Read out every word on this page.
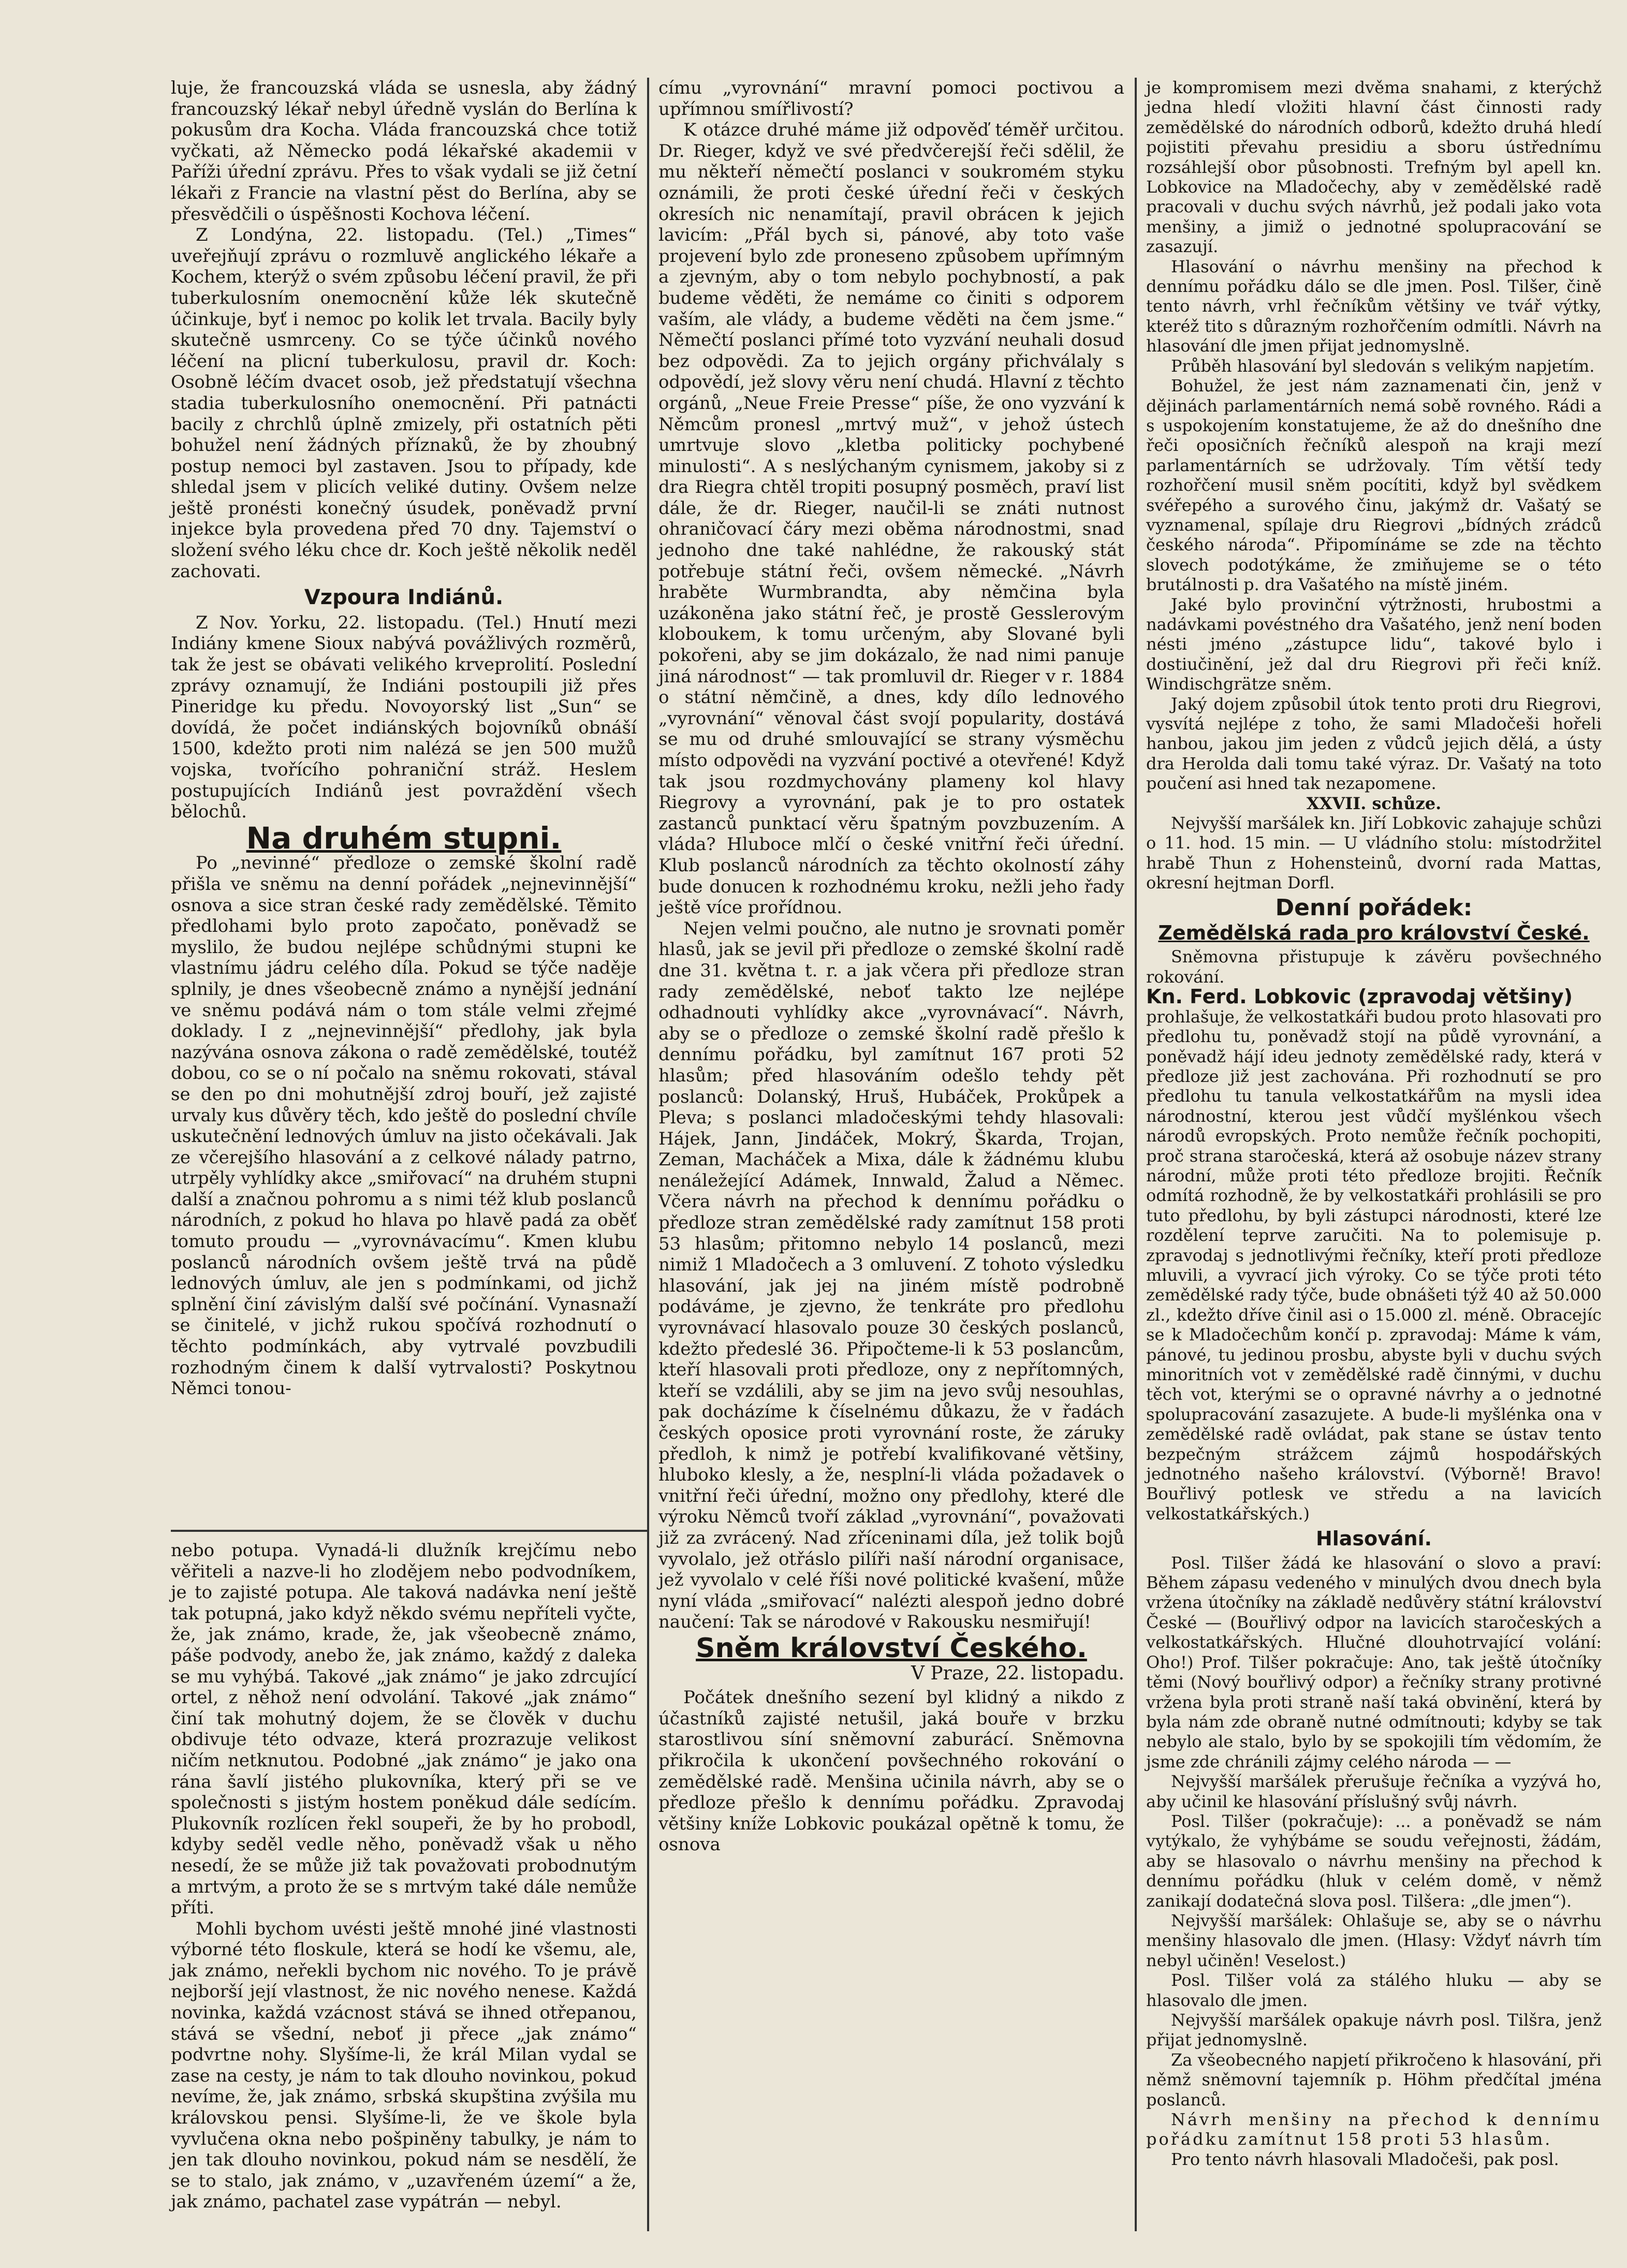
luje, že francouzská vláda se usnesla, aby žádný francouzský lékař nebyl úředně vyslán do Berlína k pokusům dra Kocha. Vláda francouzská chce totiž vyčkati, až Německo podá lékařské akademii v Paříži úřední zprávu. Přes to však vydali se již četní lékaři z Francie na vlastní pěst do Berlína, aby se přesvědčili o úspěšnosti Kochova léčení.

Z Londýna, 22. listopadu. (Tel.) „Times“ uveřejňují zprávu o rozmluvě anglického lékaře a Kochem, kterýž o svém způsobu léčení pravil, že při tuberkulosním onemocnění kůže lék skutečně účinkuje, byť i nemoc po kolik let trvala. Bacily byly skutečně usmrceny. Co se týče účinků nového léčení na plicní tuberkulosu, pravil dr. Koch: Osobně léčím dvacet osob, jež předstatují všechna stadia tuberkulosního onemocnění. Při patnácti bacily z chrchlů úplně zmizely, při ostatních pěti bohužel není žádných příznaků, že by zhoubný postup nemoci byl zastaven. Jsou to případy, kde shledal jsem v plicích veliké dutiny. Ovšem nelze ještě pronésti konečný úsudek, poněvadž první injekce byla provedena před 70 dny. Tajemství o složení svého léku chce dr. Koch ještě několik neděl zachovati.

Vzpoura Indiánů.

Z Nov. Yorku, 22. listopadu. (Tel.) Hnutí mezi Indiány kmene Sioux nabývá povážlivých rozměrů, tak že jest se obávati velikého krveprolití. Poslední zprávy oznamují, že Indiáni postoupili již přes Pineridge ku předu. Novoyorský list „Sun“ se dovídá, že počet indiánských bojovníků obnáší 1500, kdežto proti nim nalézá se jen 500 mužů vojska, tvořícího pohraniční stráž. Heslem postupujících Indiánů jest povraždění všech bělochů.

Na druhém stupni.

Po „nevinné“ předloze o zemské školní radě přišla ve sněmu na denní pořádek „nejnevinnější“ osnova a sice stran české rady zemědělské. Těmito předlohami bylo proto započato, poněvadž se myslilo, že budou nejlépe schůdnými stupni ke vlastnímu jádru celého díla. Pokud se týče naděje splnily, je dnes všeobecně známo a nynější jednání ve sněmu podává nám o tom stále velmi zřejmé doklady. I z „nejnevinnější“ předlohy, jak byla nazývána osnova zákona o radě zemědělské, toutéž dobou, co se o ní počalo na sněmu rokovati, stával se den po dni mohutnější zdroj bouří, jež zajisté urvaly kus důvěry těch, kdo ještě do poslední chvíle uskutečnění lednových úmluv na jisto očekávali. Jak ze včerejšího hlasování a z celkové nálady patrno, utrpěly vyhlídky akce „smiřovací“ na druhém stupni další a značnou pohromu a s nimi též klub poslanců národních, z pokud ho hlava po hlavě padá za oběť tomuto proudu — „vyrovnávacímu“. Kmen klubu poslanců národních ovšem ještě trvá na půdě lednových úmluv, ale jen s podmínkami, od jichž splnění činí závislým další své počínání. Vynasnaží se činitelé, v jichž rukou spočívá rozhodnutí o těchto podmínkách, aby vytrvalé povzbudili rozhodným činem k další vytrvalosti? Poskytnou Němci tonou-

nebo potupa. Vynadá-li dlužník krejčímu nebo věřiteli a nazve-li ho zlodějem nebo podvodníkem, je to zajisté potupa. Ale taková nadávka není ještě tak potupná, jako když někdo svému nepříteli vyčte, že, jak známo, krade, že, jak všeobecně známo, páše podvody, anebo že, jak známo, každý z daleka se mu vyhýbá. Takové „jak známo“ je jako zdrcující ortel, z něhož není odvolání. Takové „jak známo“ činí tak mohutný dojem, že se člověk v duchu obdivuje této odvaze, která prozrazuje velikost ničím netknutou. Podobné „jak známo“ je jako ona rána šavlí jistého plukovníka, který při se ve společnosti s jistým hostem poněkud dále sedícím. Plukovník rozlícen řekl soupeři, že by ho probodl, kdyby seděl vedle něho, poněvadž však u něho nesedí, že se může již tak považovati probodnutým a mrtvým, a proto že se s mrtvým také dále nemůže příti.

Mohli bychom uvésti ještě mnohé jiné vlastnosti výborné této floskule, která se hodí ke všemu, ale, jak známo, neřekli bychom nic nového. To je právě nejborší její vlastnost, že nic nového nenese. Každá novinka, každá vzácnost stává se ihned otřepanou, stává se všední, neboť ji přece „jak známo“ podvrtne nohy. Slyšíme-li, že král Milan vydal se zase na cesty, je nám to tak dlouho novinkou, pokud nevíme, že, jak známo, srbská skupština zvýšila mu královskou pensi. Slyšíme-li, že ve škole byla vyvlučena okna nebo pošpiněny tabulky, je nám to jen tak dlouho novinkou, pokud nám se nesdělí, že se to stalo, jak známo, v „uzavřeném území“ a že, jak známo, pachatel zase vypátrán — nebyl.

címu „vyrovnání“ mravní pomoci poctivou a upřímnou smířlivostí?

K otázce druhé máme již odpověď téměř určitou. Dr. Rieger, když ve své předvčerejší řeči sdělil, že mu někteří němečtí poslanci v soukromém styku oznámili, že proti české úřední řeči v českých okresích nic nenamítají, pravil obrácen k jejich lavicím: „Přál bych si, pánové, aby toto vaše projevení bylo zde proneseno způsobem upřímným a zjevným, aby o tom nebylo pochybností, a pak budeme věděti, že nemáme co činiti s odporem vaším, ale vlády, a budeme věděti na čem jsme.“ Němečtí poslanci přímé toto vyzvání neuhali dosud bez odpovědi. Za to jejich orgány přichválaly s odpovědí, jež slovy věru není chudá. Hlavní z těchto orgánů, „Neue Freie Presse“ píše, že ono vyzvání k Němcům pronesl „mrtvý muž“, v jehož ústech umrtvuje slovo „kletba politicky pochybené minulosti“. A s neslýchaným cynismem, jakoby si z dra Riegra chtěl tropiti posupný posměch, praví list dále, že dr. Rieger, naučil-li se znáti nutnost ohraničovací čáry mezi oběma národnostmi, snad jednoho dne také nahlédne, že rakouský stát potřebuje státní řeči, ovšem německé. „Návrh hraběte Wurmbrandta, aby němčina byla uzákoněna jako státní řeč, je prostě Gesslerovým kloboukem, k tomu určeným, aby Slované byli pokořeni, aby se jim dokázalo, že nad nimi panuje jiná národnost“ — tak promluvil dr. Rieger v r. 1884 o státní němčině, a dnes, kdy dílo lednového „vyrovnání“ věnoval část svojí popularity, dostává se mu od druhé smlouvající se strany výsměchu místo odpovědi na vyzvání poctivé a otevřené! Když tak jsou rozdmychovány plameny kol hlavy Riegrovy a vyrovnání, pak je to pro ostatek zastanců punktací věru špatným povzbuzením. A vláda? Hluboce mlčí o české vnitřní řeči úřední. Klub poslanců národních za těchto okolností záhy bude donucen k rozhodnému kroku, nežli jeho řady ještě více prořídnou.

Nejen velmi poučno, ale nutno je srovnati poměr hlasů, jak se jevil při předloze o zemské školní radě dne 31. května t. r. a jak včera při předloze stran rady zemědělské, neboť takto lze nejlépe odhadnouti vyhlídky akce „vyrovnávací“. Návrh, aby se o předloze o zemské školní radě přešlo k dennímu pořádku, byl zamítnut 167 proti 52 hlasům; před hlasováním odešlo tehdy pět poslanců: Dolanský, Hruš, Hubáček, Prokůpek a Pleva; s poslanci mladočeskými tehdy hlasovali: Hájek, Jann, Jindáček, Mokrý, Škarda, Trojan, Zeman, Macháček a Mixa, dále k žádnému klubu nenáležející Adámek, Innwald, Žalud a Němec. Včera návrh na přechod k dennímu pořádku o předloze stran zemědělské rady zamítnut 158 proti 53 hlasům; přitomno nebylo 14 poslanců, mezi nimiž 1 Mladočech a 3 omluvení. Z tohoto výsledku hlasování, jak jej na jiném místě podrobně podáváme, je zjevno, že tenkráte pro předlohu vyrovnávací hlasovalo pouze 30 českých poslanců, kdežto předeslé 36. Připočteme-li k 53 poslancům, kteří hlasovali proti předloze, ony z nepřítomných, kteří se vzdálili, aby se jim na jevo svůj nesouhlas, pak docházíme k číselnému důkazu, že v řadách českých oposice proti vyrovnání roste, že záruky předloh, k nimž je potřebí kvalifikované většiny, hluboko klesly, a že, nesplní-li vláda požadavek o vnitřní řeči úřední, možno ony předlohy, které dle výroku Němců tvoří základ „vyrovnání“, považovati již za zvrácený. Nad zříceninami díla, jež tolik bojů vyvolalo, jež otřáslo pilíři naší národní organisace, jež vyvolalo v celé říši nové politické kvašení, může nyní vláda „smiřovací“ nalézti alespoň jedno dobré naučení: Tak se národové v Rakousku nesmiřují!

Sněm království Českého.
V Praze, 22. listopadu.

Počátek dnešního sezení byl klidný a nikdo z účastníků zajisté netušil, jaká bouře v brzku starostlivou síní sněmovní zaburácí. Sněmovna přikročila k ukončení povšechného rokování o zemědělské radě. Menšina učinila návrh, aby se o předloze přešlo k dennímu pořádku. Zpravodaj většiny kníže Lobkovic poukázal opětně k tomu, že osnova

je kompromisem mezi dvěma snahami, z kterýchž jedna hledí vložiti hlavní část činnosti rady zemědělské do národních odborů, kdežto druhá hledí pojistiti převahu presidiu a sboru ústřednímu rozsáhlejší obor působnosti. Trefným byl apell kn. Lobkovice na Mladočechy, aby v zemědělské radě pracovali v duchu svých návrhů, jež podali jako vota menšiny, a jimiž o jednotné spolupracování se zasazují.

Hlasování o návrhu menšiny na přechod k dennímu pořádku dálo se dle jmen. Posl. Tilšer, čině tento návrh, vrhl řečníkům většiny ve tvář výtky, kteréž tito s důrazným rozhořčením odmítli. Návrh na hlasování dle jmen přijat jednomyslně.

Průběh hlasování byl sledován s velikým napjetím.

Bohužel, že jest nám zaznamenati čin, jenž v dějinách parlamentárních nemá sobě rovného. Rádi a s uspokojením konstatujeme, že až do dnešního dne řeči oposičních řečníků alespoň na kraji mezí parlamentárních se udržovaly. Tím větší tedy rozhořčení musil sněm pocítiti, když byl svědkem svéřepého a surového činu, jakýmž dr. Vašatý se vyznamenal, spílaje dru Riegrovi „bídných zrádců českého národa“. Připomínáme se zde na těchto slovech podotýkáme, že zmiňujeme se o této brutálnosti p. dra Vašatého na místě jiném.

Jaké bylo provinční výtržnosti, hrubostmi a nadávkami povéstného dra Vašatého, jenž není boden nésti jméno „zástupce lidu“, takové bylo i dostiučinění, jež dal dru Riegrovi při řeči kníž. Windischgrätze sněm.

Jaký dojem způsobil útok tento proti dru Riegrovi, vysvítá nejlépe z toho, že sami Mladočeši hořeli hanbou, jakou jim jeden z vůdců jejich dělá, a ústy dra Herolda dali tomu také výraz. Dr. Vašatý na toto poučení asi hned tak nezapomene.

XXVII. schůze.

Nejvyšší maršálek kn. Jiří Lobkovic zahajuje schůzi o 11. hod. 15 min. — U vládního stolu: místodržitel hrabě Thun z Hohensteinů, dvorní rada Mattas, okresní hejtman Dorfl.

Denní pořádek:
Zemědělská rada pro království České.

Sněmovna přistupuje k závěru povšechného rokování.

Kn. Ferd. Lobkovic (zpravodaj většiny)

prohlašuje, že velkostatkáři budou proto hlasovati pro předlohu tu, poněvadž stojí na půdě vyrovnání, a poněvadž hájí ideu jednoty zemědělské rady, která v předloze již jest zachována. Při rozhodnutí se pro předlohu tu tanula velkostatkářům na mysli idea národnostní, kterou jest vůdčí myšlénkou všech národů evropských. Proto nemůže řečník pochopiti, proč strana staročeská, která až osobuje název strany národní, může proti této předloze brojiti. Řečník odmítá rozhodně, že by velkostatkáři prohlásili se pro tuto předlohu, by byli zástupci národnosti, které lze rozdělení teprve zaručiti. Na to polemisuje p. zpravodaj s jednotlivými řečníky, kteří proti předloze mluvili, a vyvrací jich výroky. Co se týče proti této zemědělské rady týče, bude obnášeti týž 40 až 50.000 zl., kdežto dříve činil asi o 15.000 zl. méně. Obracejíc se k Mladočechům končí p. zpravodaj: Máme k vám, pánové, tu jedinou prosbu, abyste byli v duchu svých minoritních vot v zemědělské radě činnými, v duchu těch vot, kterými se o opravné návrhy a o jednotné spolupracování zasazujete. A bude-li myšlénka ona v zemědělské radě ovládat, pak stane se ústav tento bezpečným strážcem zájmů hospodářských jednotného našeho království. (Výborně! Bravo! Bouřlivý potlesk ve středu a na lavicích velkostatkářských.)

Hlasování.

Posl. Tilšer žádá ke hlasování o slovo a praví: Během zápasu vedeného v minulých dvou dnech byla vržena útočníky na základě nedůvěry státní království České — (Bouřlivý odpor na lavicích staročeských a velkostatkářských. Hlučné dlouhotrvající volání: Oho!) Prof. Tilšer pokračuje: Ano, tak ještě útočníky těmi (Nový bouřlivý odpor) a řečníky strany protivné vržena byla proti straně naší taká obvinění, která by byla nám zde obraně nutné odmítnouti; kdyby se tak nebylo ale stalo, bylo by se spokojili tím vědomím, že jsme zde chránili zájmy celého národa — —

Nejvyšší maršálek přerušuje řečníka a vyzývá ho, aby učinil ke hlasování příslušný svůj návrh.

Posl. Tilšer (pokračuje): ... a poněvadž se nám vytýkalo, že vyhýbáme se soudu veřejnosti, žádám, aby se hlasovalo o návrhu menšiny na přechod k dennímu pořádku (hluk v celém domě, v němž zanikají dodatečná slova posl. Tilšera: „dle jmen“).

Nejvyšší maršálek: Ohlašuje se, aby se o návrhu menšiny hlasovalo dle jmen. (Hlasy: Vždyť návrh tím nebyl učiněn! Veselost.)

Posl. Tilšer volá za stálého hluku — aby se hlasovalo dle jmen.

Nejvyšší maršálek opakuje návrh posl. Tilšra, jenž přijat jednomyslně.

Za všeobecného napjetí přikročeno k hlasování, při němž sněmovní tajemník p. Höhm předčítal jména poslanců.

Návrh menšiny na přechod k dennímu pořádku zamítnut 158 proti 53 hlasům.

Pro tento návrh hlasovali Mladočeši, pak posl.
